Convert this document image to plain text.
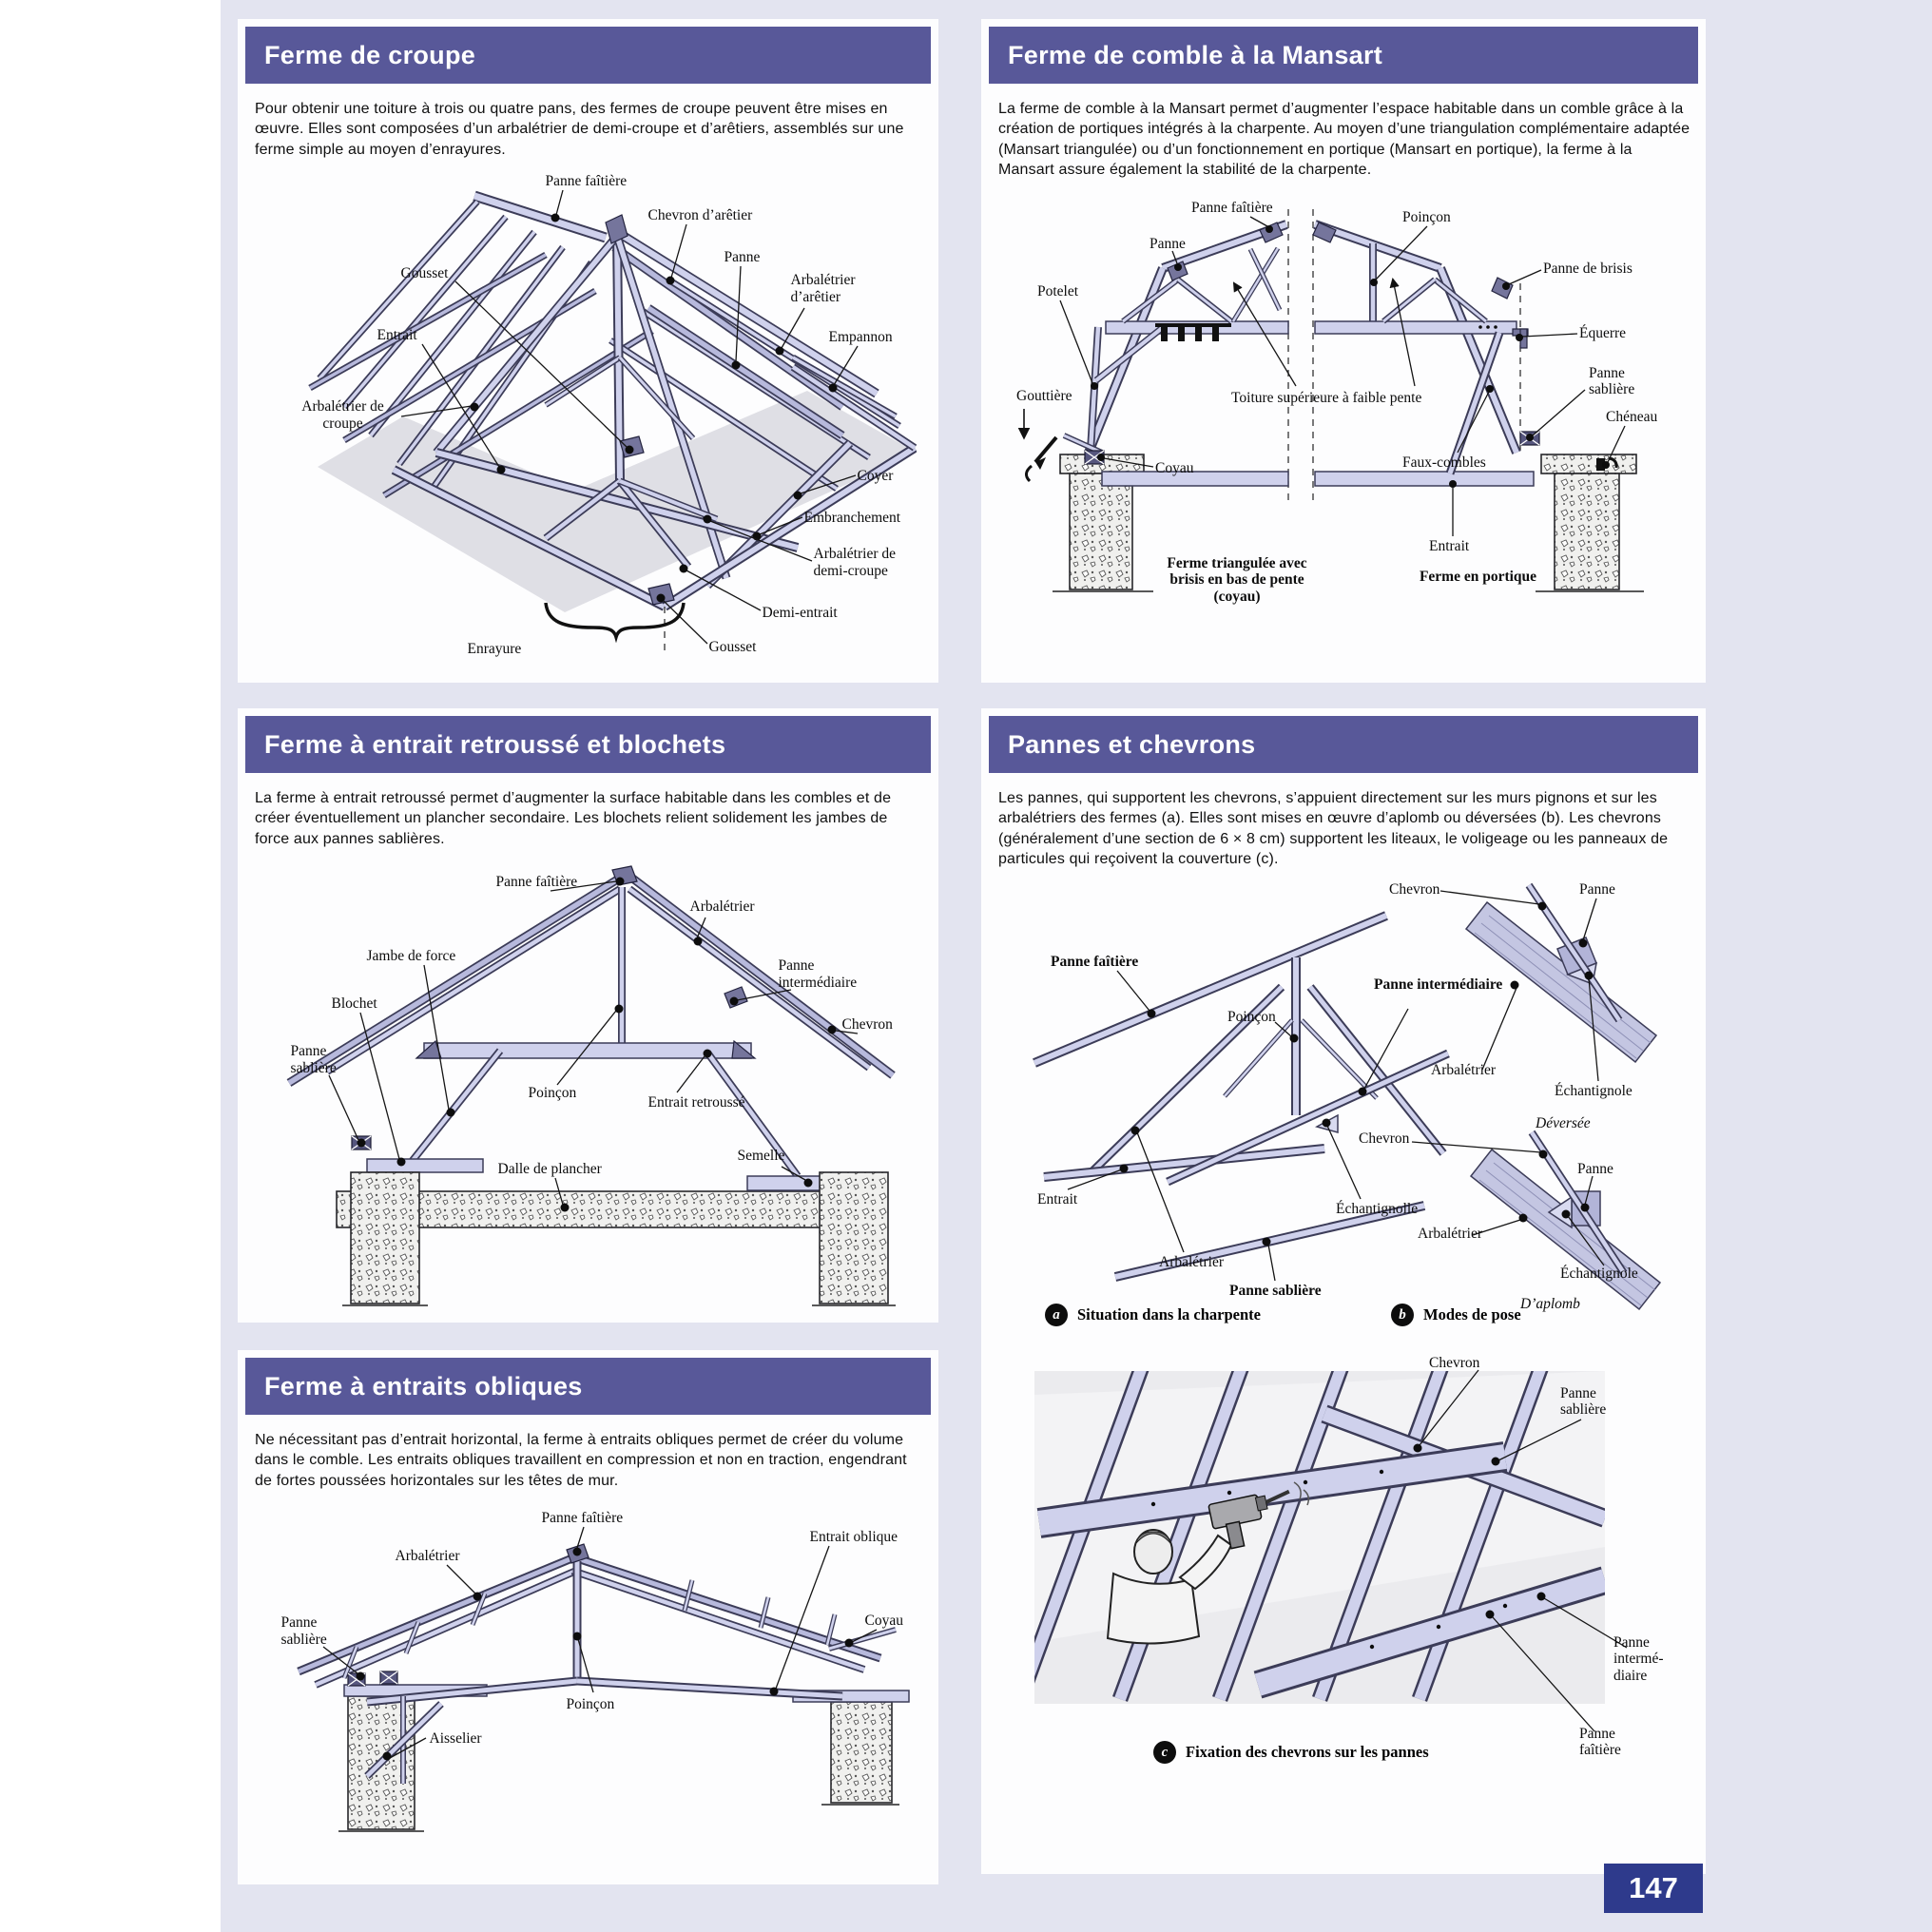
Ferme de croupe

Pour obtenir une toiture à trois ou quatre pans, des fermes de croupe peuvent être mises en œuvre. Elles sont composées d’un arbalétrier de demi-croupe et d’arêtiers, assemblés sur une ferme simple au moyen d’enrayures.

Panne faîtière
Chevron d’arêtier
Panne
Arbalétrier d’arêtier
Empannon
Gousset
Entrait
Arbalétrier de croupe
Coyer
Embranchement
Arbalétrier de demi-croupe
Demi-entrait
Gousset
Enrayure
Ferme de comble à la Mansart

La ferme de comble à la Mansart permet d’augmenter l’espace habitable dans un comble grâce à la création de portiques intégrés à la charpente. Au moyen d’une triangulation complémentaire adaptée (Mansart triangulée) ou d’un fonctionnement en portique (Mansart en portique), la ferme à la Mansart assure également la stabilité de la charpente.

Panne faîtière
Poinçon
Panne
Panne de brisis
Potelet
Équerre
Panne sablière
Gouttière	Toiture supérieure à faible pente
Chéneau
Coyau	Faux-combles
Entrait
Ferme triangulée avec brisis en bas de pente (coyau)
Ferme en portique
Ferme à entrait retroussé et blochets

La ferme à entrait retroussé permet d’augmenter la surface habitable dans les combles et de créer éventuellement un plancher secondaire. Les blochets relient solidement les jambes de force aux pannes sablières.

Panne faîtière
Arbalétrier
Jambe de force
Panne intermédiaire
Blochet
Chevron
Panne sablière
Poinçon
Entrait retroussé
Dalle de plancher
Semelle
Pannes et chevrons

Les pannes, qui supportent les chevrons, s’appuient directement sur les murs pignons et sur les arbalétriers des fermes (a). Elles sont mises en œuvre d’aplomb ou déversées (b). Les chevrons (généralement d’une section de 6 × 8 cm) supportent les liteaux, le voligeage ou les panneaux de particules qui reçoivent la couverture (c).

Chevron	Panne
Panne faîtière
Poinçon
Panne intermédiaire
Arbalétrier
Échantignole
Déversée
Chevron
Panne
Entrait
Échantignolle
Arbalétrier
Arbalétrier
Panne sablière
Échantignole
D’aplomb
a	Situation dans la charpente	b	Modes de pose
Chevron
Panne sablière
Panne intermé-diaire
Panne faîtière
c	Fixation des chevrons sur les pannes
Ferme à entraits obliques

Ne nécessitant pas d’entrait horizontal, la ferme à entraits obliques permet de créer du volume dans le comble. Les entraits obliques travaillent en compression et non en traction, engendrant de fortes poussées horizontales sur les têtes de mur.

Panne faîtière
Arbalétrier
Entrait oblique
Panne sablière
Coyau
Poinçon
Aisselier
147
